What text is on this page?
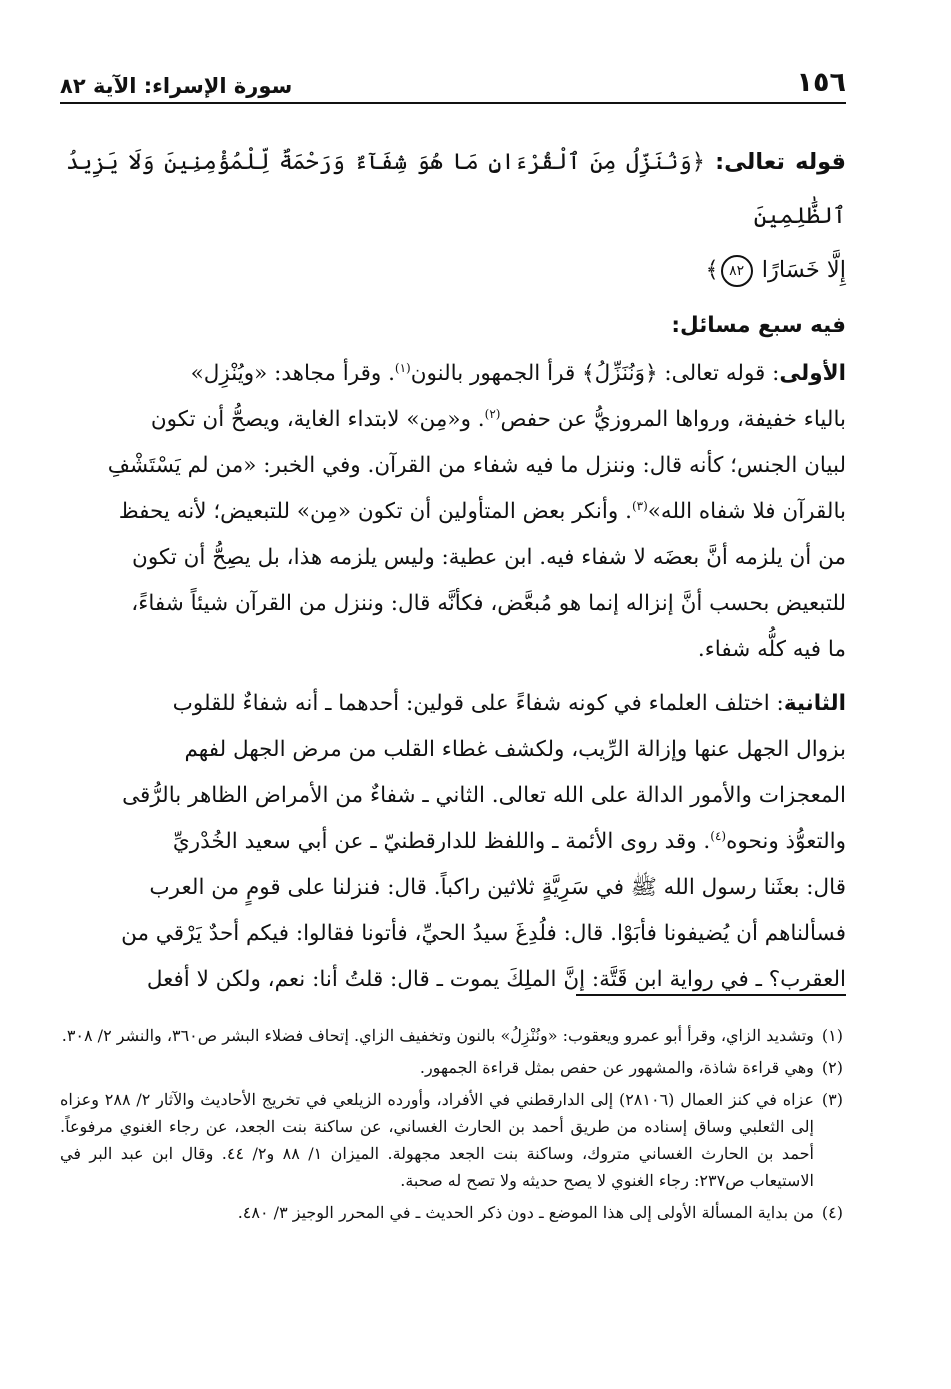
١٥٦
سورة الإسراء: الآية ٨٢

قوله تعالى: ﴿وَنُنَزِّلُ مِنَ ٱلْقُرْءَانِ مَا هُوَ شِفَآءٌ وَرَحْمَةٌ لِّلْمُؤْمِنِينَ وَلَا يَزِيدُ ٱلظَّٰلِمِينَ

إِلَّا خَسَارًا ٨٢﴾

فيه سبع مسائل:

الأولى: قوله تعالى: ﴿وَنُنَزِّلُ﴾ قرأ الجمهور بالنون$^{(١)}$. وقرأ مجاهد: «ويُنْزِل»

بالياء خفيفة، ورواها المروزيُّ عن حفص$^{(٢)}$. و«مِن» لابتداء الغاية، ويصحُّ أن تكون

لبيان الجنس؛ كأنه قال: وننزل ما فيه شفاء من القرآن. وفي الخبر: «من لم يَسْتَشْفِ

بالقرآن فلا شفاه الله»$^{(٣)}$. وأنكر بعض المتأولين أن تكون «مِن» للتبعيض؛ لأنه يحفظ

من أن يلزمه أنَّ بعضَه لا شفاء فيه. ابن عطية: وليس يلزمه هذا، بل يصِحُّ أن تكون

للتبعيض بحسب أنَّ إنزاله إنما هو مُبعَّض، فكأنَّه قال: وننزل من القرآن شيئاً شفاءً،

ما فيه كلُّه شفاء.

الثانية: اختلف العلماء في كونه شفاءً على قولين: أحدهما ـ أنه شفاءٌ للقلوب

بزوال الجهل عنها وإزالة الرِّيب، ولكشف غطاء القلب من مرض الجهل لفهم

المعجزات والأمور الدالة على الله تعالى. الثاني ـ شفاءٌ من الأمراض الظاهر بالرُّقى

والتعوُّذ ونحوه$^{(٤)}$. وقد روى الأئمة ـ واللفظ للدارقطنيّ ـ عن أبي سعيد الخُدْريِّ

قال: بعثَنا رسول الله ﷺ في سَرِيَّةٍ ثلاثين راكباً. قال: فنزلنا على قومٍ من العرب

فسألناهم أن يُضيفونا فأبَوْا. قال: فلُدِغَ سيدُ الحيِّ، فأتونا فقالوا: فيكم أحدٌ يَرْقي من

العقرب؟ ـ في رواية ابن قَتَّة: إنَّ الملِكَ يموت ـ قال: قلتُ أنا: نعم، ولكن لا أفعل

(١)
وتشديد الزاي، وقرأ أبو عمرو ويعقوب: «ونُنْزِلُ» بالنون وتخفيف الزاي. إتحاف فضلاء البشر ص٣٦٠، والنشر ٢/ ٣٠٨.
(٢)
وهي قراءة شاذة، والمشهور عن حفص بمثل قراءة الجمهور.
(٣)
عزاه في كنز العمال (٢٨١٠٦) إلى الدارقطني في الأفراد، وأورده الزيلعي في تخريج الأحاديث والآثار ٢/ ٢٨٨ وعزاه إلى الثعلبي وساق إسناده من طريق أحمد بن الحارث الغساني، عن ساكنة بنت الجعد، عن رجاء الغنوي مرفوعاً. أحمد بن الحارث الغساني متروك، وساكنة بنت الجعد مجهولة. الميزان ١/ ٨٨ و٢/ ٤٤. وقال ابن عبد البر في الاستيعاب ص٢٣٧: رجاء الغنوي لا يصح حديثه ولا تصح له صحبة.
(٤)
من بداية المسألة الأولى إلى هذا الموضع ـ دون ذكر الحديث ـ في المحرر الوجيز ٣/ ٤٨٠.
